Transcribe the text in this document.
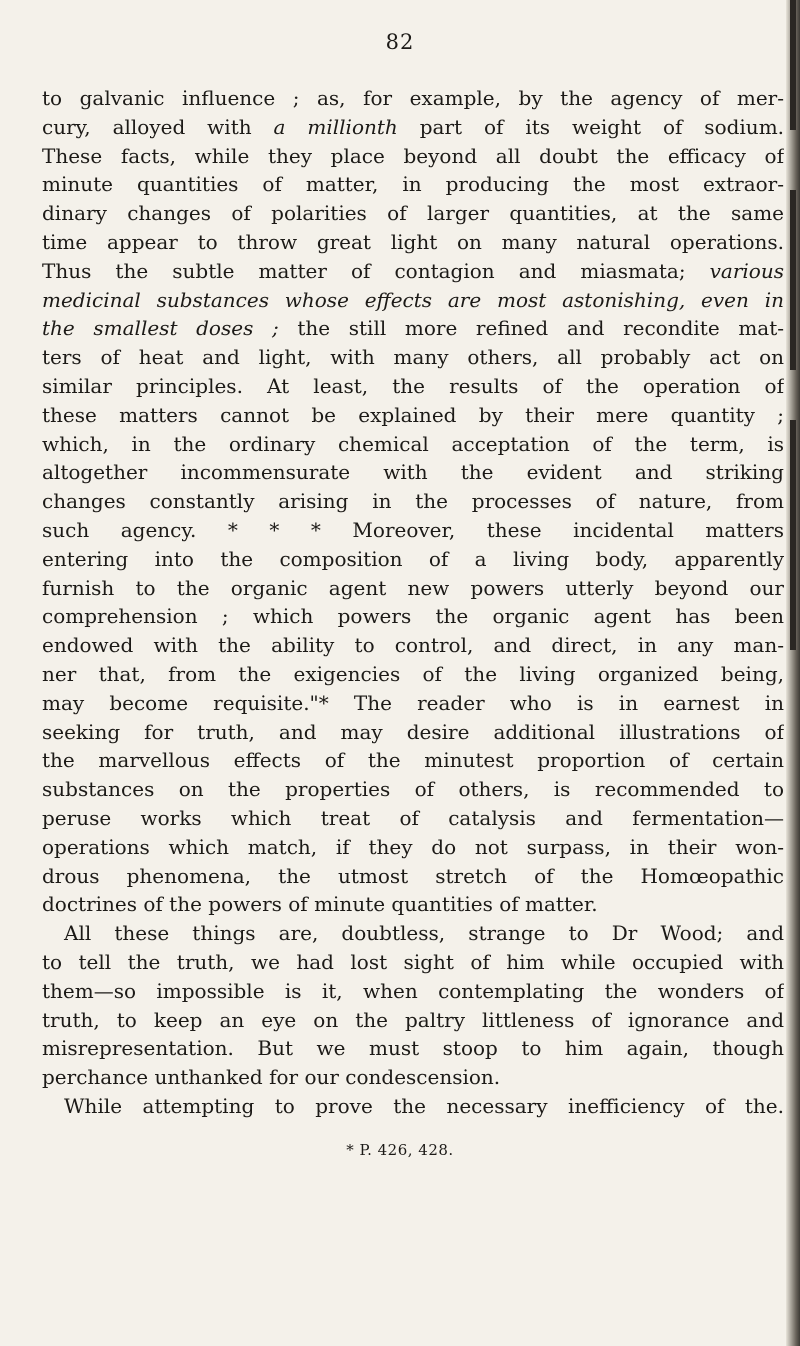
82
to galvanic influence ; as, for example, by the agency of mer-
cury, alloyed with a millionth part of its weight of sodium.
These facts, while they place beyond all doubt the efficacy of
minute quantities of matter, in producing the most extraor-
dinary changes of polarities of larger quantities, at the same
time appear to throw great light on many natural operations.
Thus the subtle matter of contagion and miasmata; various
medicinal substances whose effects are most astonishing, even in
the smallest doses ; the still more refined and recondite mat-
ters of heat and light, with many others, all probably act on
similar principles. At least, the results of the operation of
these matters cannot be explained by their mere quantity ;
which, in the ordinary chemical acceptation of the term, is
altogether incommensurate with the evident and striking
changes constantly arising in the processes of nature, from
such agency. * * * Moreover, these incidental matters
entering into the composition of a living body, apparently
furnish to the organic agent new powers utterly beyond our
comprehension ; which powers the organic agent has been
endowed with the ability to control, and direct, in any man-
ner that, from the exigencies of the living organized being,
may become requisite."* The reader who is in earnest in
seeking for truth, and may desire additional illustrations of
the marvellous effects of the minutest proportion of certain
substances on the properties of others, is recommended to
peruse works which treat of catalysis and fermentation—
operations which match, if they do not surpass, in their won-
drous phenomena, the utmost stretch of the Homœopathic
doctrines of the powers of minute quantities of matter.
All these things are, doubtless, strange to Dr Wood; and
to tell the truth, we had lost sight of him while occupied with
them—so impossible is it, when contemplating the wonders of
truth, to keep an eye on the paltry littleness of ignorance and
misrepresentation. But we must stoop to him again, though
perchance unthanked for our condescension.
While attempting to prove the necessary inefficiency of the.
* P. 426, 428.
